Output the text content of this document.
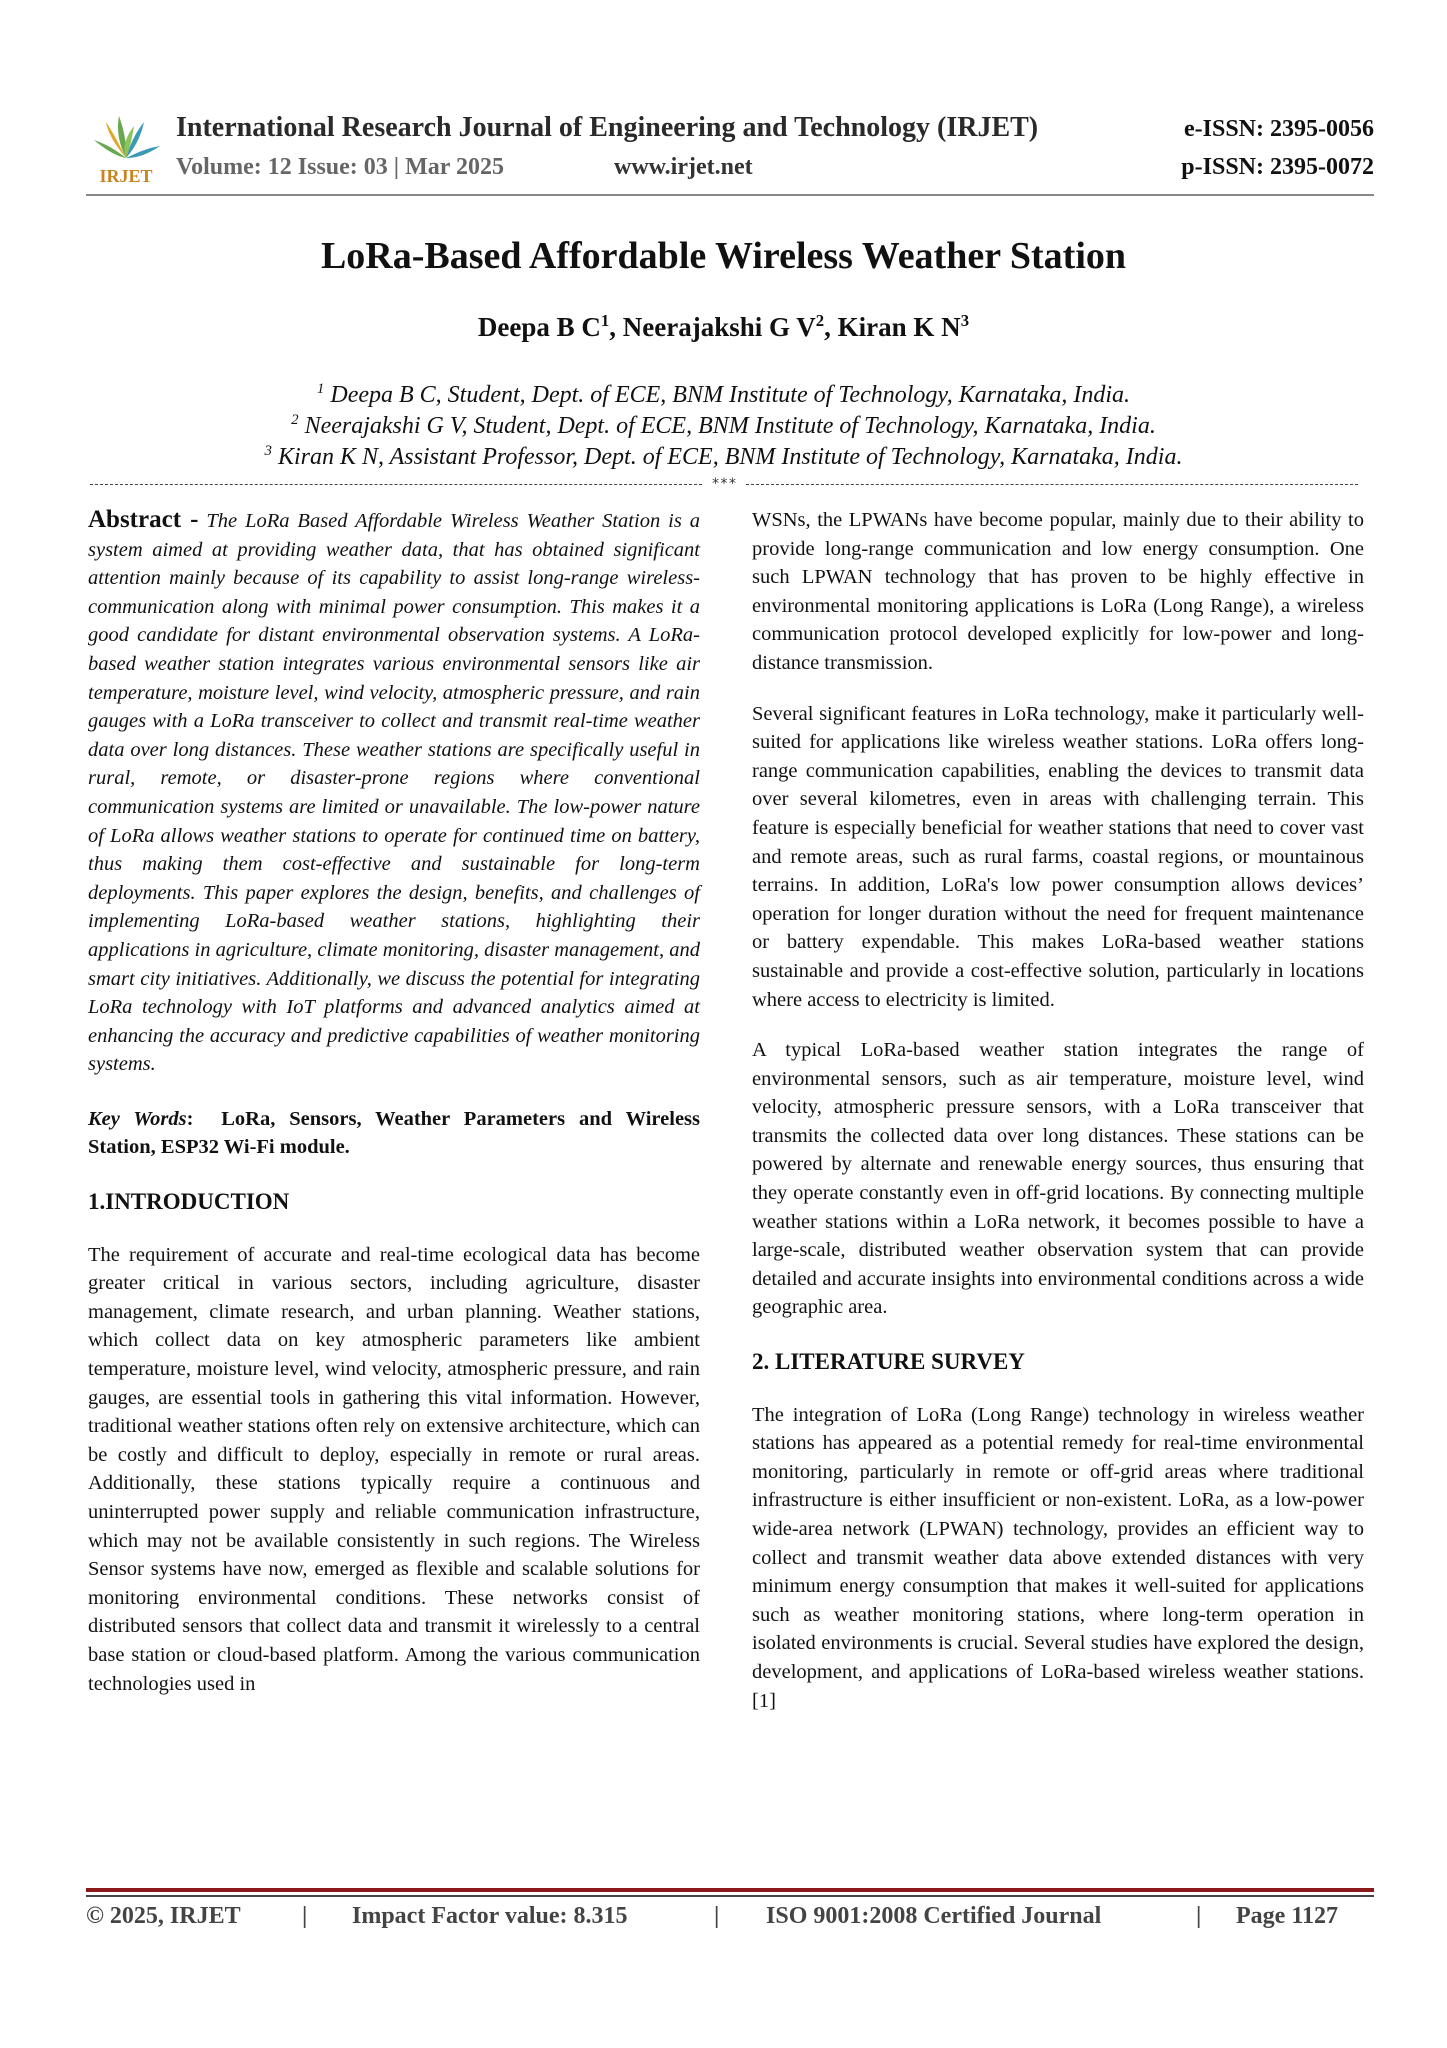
IRJET
International Research Journal of Engineering and Technology (IRJET)
Volume: 12 Issue: 03 | Mar 2025	www.irjet.net
e-ISSN: 2395-0056
p-ISSN: 2395-0072
LoRa-Based Affordable Wireless Weather Station
Deepa B $C^1$, Neerajakshi G $V^2$, Kiran K $N^3$
$^1$ Deepa B C, Student, Dept. of ECE, BNM Institute of Technology, Karnataka, India.
$^2$ Neerajakshi G V, Student, Dept. of ECE, BNM Institute of Technology, Karnataka, India.
$^3$ Kiran K N, Assistant Professor, Dept. of ECE, BNM Institute of Technology, Karnataka, India.
***

Abstract - The LoRa Based Affordable Wireless Weather Station is a system aimed at providing weather data, that has obtained significant attention mainly because of its capability to assist long-range wireless-communication along with minimal power consumption. This makes it a good candidate for distant environmental observation systems. A LoRa-based weather station integrates various environmental sensors like air temperature, moisture level, wind velocity, atmospheric pressure, and rain gauges with a LoRa transceiver to collect and transmit real-time weather data over long distances. These weather stations are specifically useful in rural, remote, or disaster-prone regions where conventional communication systems are limited or unavailable. The low-power nature of LoRa allows weather stations to operate for continued time on battery, thus making them cost-effective and sustainable for long-term deployments. This paper explores the design, benefits, and challenges of implementing LoRa-based weather stations, highlighting their applications in agriculture, climate monitoring, disaster management, and smart city initiatives. Additionally, we discuss the potential for integrating LoRa technology with IoT platforms and advanced analytics aimed at enhancing the accuracy and predictive capabilities of weather monitoring systems.

Key Words:  LoRa, Sensors, Weather Parameters and Wireless Station, ESP32 Wi-Fi module.

1.INTRODUCTION

The requirement of accurate and real-time ecological data has become greater critical in various sectors, including agriculture, disaster management, climate research, and urban planning. Weather stations, which collect data on key atmospheric parameters like ambient temperature, moisture level, wind velocity, atmospheric pressure, and rain gauges, are essential tools in gathering this vital information. However, traditional weather stations often rely on extensive architecture, which can be costly and difficult to deploy, especially in remote or rural areas. Additionally, these stations typically require a continuous and uninterrupted power supply and reliable communication infrastructure, which may not be available consistently in such regions. The Wireless Sensor systems have now, emerged as flexible and scalable solutions for monitoring environmental conditions. These networks consist of distributed sensors that collect data and transmit it wirelessly to a central base station or cloud-based platform. Among the various communication technologies used in

WSNs, the LPWANs have become popular, mainly due to their ability to provide long-range communication and low energy consumption. One such LPWAN technology that has proven to be highly effective in environmental monitoring applications is LoRa (Long Range), a wireless communication protocol developed explicitly for low-power and long-distance transmission.

Several significant features in LoRa technology, make it particularly well-suited for applications like wireless weather stations. LoRa offers long-range communication capabilities, enabling the devices to transmit data over several kilometres, even in areas with challenging terrain. This feature is especially beneficial for weather stations that need to cover vast and remote areas, such as rural farms, coastal regions, or mountainous terrains. In addition, LoRa's low power consumption allows devices’ operation for longer duration without the need for frequent maintenance or battery expendable. This makes LoRa-based weather stations sustainable and provide a cost-effective solution, particularly in locations where access to electricity is limited.

A typical LoRa-based weather station integrates the range of environmental sensors, such as air temperature, moisture level, wind velocity, atmospheric pressure sensors, with a LoRa transceiver that transmits the collected data over long distances. These stations can be powered by alternate and renewable energy sources, thus ensuring that they operate constantly even in off-grid locations. By connecting multiple weather stations within a LoRa network, it becomes possible to have a large-scale, distributed weather observation system that can provide detailed and accurate insights into environmental conditions across a wide geographic area.

2. LITERATURE SURVEY

The integration of LoRa (Long Range) technology in wireless weather stations has appeared as a potential remedy for real-time environmental monitoring, particularly in remote or off-grid areas where traditional infrastructure is either insufficient or non-existent. LoRa, as a low-power wide-area network (LPWAN) technology, provides an efficient way to collect and transmit weather data above extended distances with very minimum energy consumption that makes it well-suited for applications such as weather monitoring stations, where long-term operation in isolated environments is crucial. Several studies have explored the design, development, and applications of LoRa-based wireless weather stations.[1]

© 2025, IRJET	| Impact Factor value: 8.315	| ISO 9001:2008 Certified Journal	| Page 1127
